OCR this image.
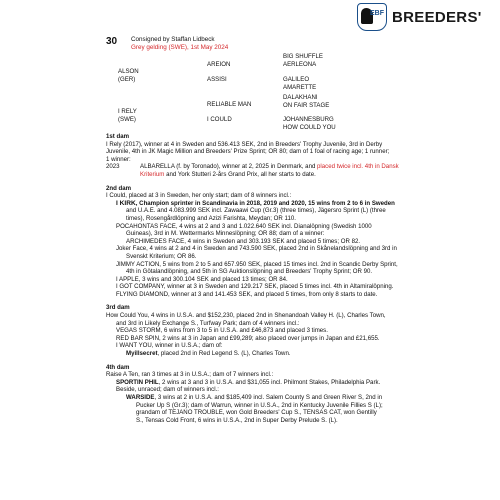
EBF BREEDERS'
30 Consigned by Staffan Lidbeck
Grey gelding (SWE), 1st May 2024
ALSON
(GER)
AREION
BIG SHUFFLE
AERLEONA
ASSISI	GALILEO
AMARETTE
I RELY
(SWE)
RELIABLE MAN
DALAKHANI
ON FAIR STAGE
I COULD	JOHANNESBURG
HOW COULD YOU

1st dam

I Rely (2017), winner at 4 in Sweden and 536.413 SEK, 2nd in Breeders' Trophy Juvenile, 3rd in Derby

Juvenile, 4th in JK Magic Million and Breeders' Prize Sprint; OR 80; dam of 1 foal of racing age; 1 runner;

1 winner:

2023	ALBARELLA (f. by Toronado), winner at 2, 2025 in Denmark, and placed twice incl. 4th in Dansk

Kriterium and York Stutteri 2-års Grand Prix, all her starts to date.

2nd dam

I Could, placed at 3 in Sweden, her only start; dam of 8 winners incl.:

I KIRK, Champion sprinter in Scandinavia in 2018, 2019 and 2020, 15 wins from 2 to 6 in Sweden

and U.A.E. and 4.083.999 SEK incl. Zawaawi Cup (Gr.3) (three times), Jägersro Sprint (L) (three

times), Rosengårdlöpning and Azizi Farishta, Meydan; OR 110.

POCAHONTAS FACE, 4 wins at 2 and 3 and 1.022.640 SEK incl. Dianalöpning (Swedish 1000

Guineas), 3rd in M. Wettermarks Minneslöpning; OR 88; dam of a winner:

ARCHIMEDES FACE, 4 wins in Sweden and 303.193 SEK and placed 5 times; OR 82.

Joker Face, 4 wins at 2 and 4 in Sweden and 743.590 SEK, placed 2nd in Skånelandslöpning and 3rd in

Svenskt Kriterium; OR 86.

JIMMY ACTION, 5 wins from 2 to 5 and 657.950 SEK, placed 15 times incl. 2nd in Scandic Derby Sprint,

4th in Götalandlöpning, and 5th in SG Auktionslöpning and Breeders' Trophy Sprint; OR 90.

I APPLE, 3 wins and 300.104 SEK and placed 13 times; OR 84.

I GOT COMPANY, winner at 3 in Sweden and 129.217 SEK, placed 5 times incl. 4th in Altamiralöpning.

FLYING DIAMOND, winner at 3 and 141.453 SEK, and placed 5 times, from only 8 starts to date.

3rd dam

How Could You, 4 wins in U.S.A. and $152,230, placed 2nd in Shenandoah Valley H. (L), Charles Town,

and 3rd in Likely Exchange S., Turfway Park; dam of 4 winners incl.:

VEGAS STORM, 6 wins from 3 to 5 in U.S.A. and £46,873 and placed 3 times.

RED BAR SPIN, 2 wins at 3 in Japan and £99,289; also placed over jumps in Japan and £21,655.

I WANT YOU, winner in U.S.A.; dam of:

Myillsecret, placed 2nd in Red Legend S. (L), Charles Town.

4th dam

Raise A Ten, ran 3 times at 3 in U.S.A.; dam of 7 winners incl.:

SPORTIN PHIL, 2 wins at 3 and 3 in U.S.A. and $31,055 incl. Philmont Stakes, Philadelphia Park.

Beside, unraced; dam of winners incl.:

WARSIDE, 3 wins at 2 in U.S.A. and $185,409 incl. Salem County S and Green River S, 2nd in

Pucker Up S (Gr.3); dam of Warrun, winner in U.S.A., 2nd in Kentucky Juvenile Fillies S (L);

grandam of TEJANO TROUBLE, won Gold Breeders' Cup S., TENSAS CAT, won Gentilly

S., Tensas Cold Front, 6 wins in U.S.A., 2nd in Super Derby Prelude S. (L).
